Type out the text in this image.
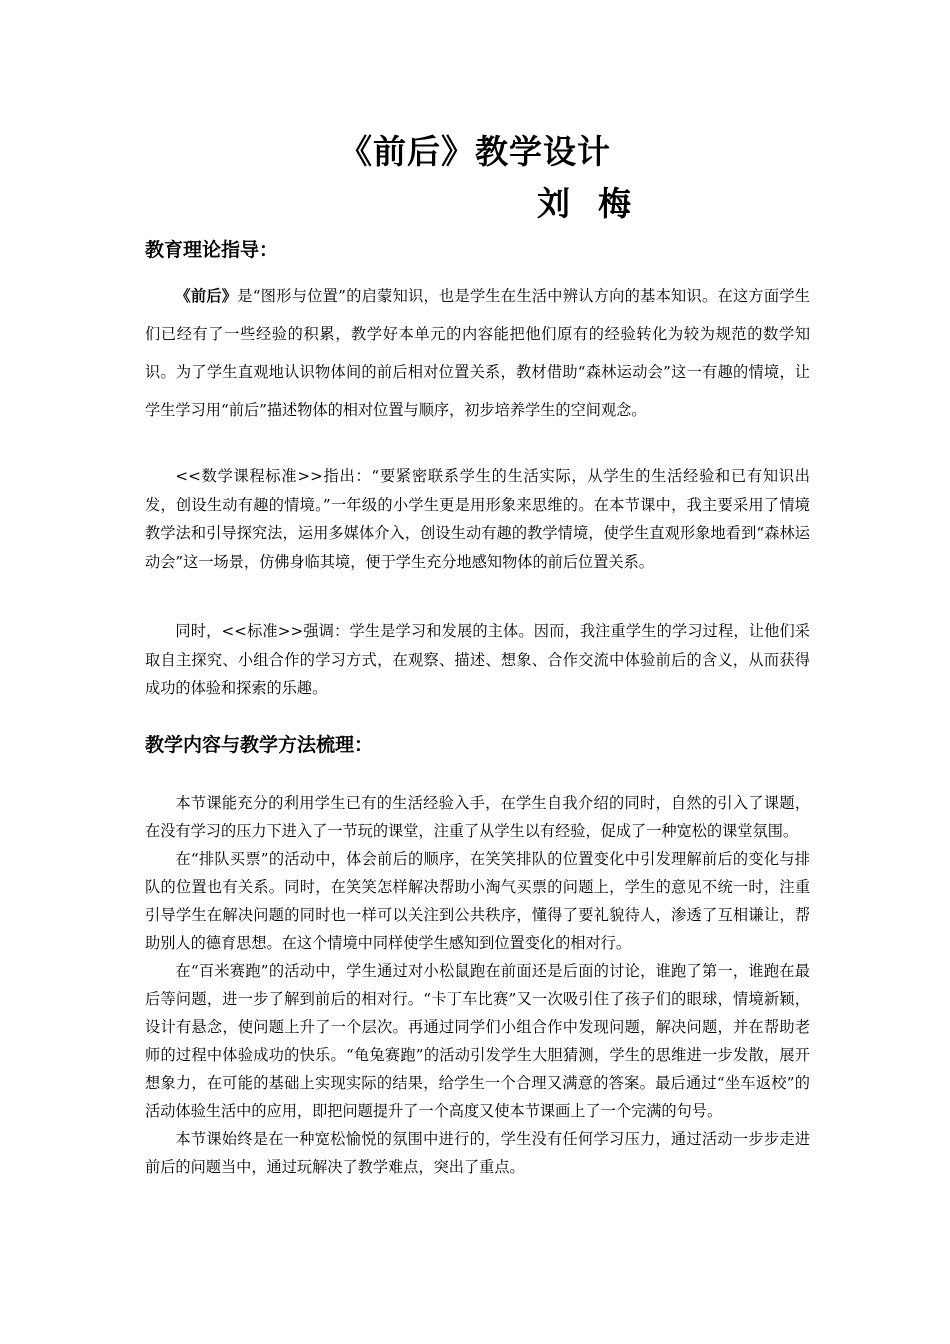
《前后》教学设计
刘梅
教育理论指导：

《前后》是“图形与位置”的启蒙知识，也是学生在生活中辨认方向的基本知识。在这方面学生们已经有了一些经验的积累，教学好本单元的内容能把他们原有的经验转化为较为规范的数学知识。为了学生直观地认识物体间的前后相对位置关系，教材借助“森林运动会”这一有趣的情境，让学生学习用“前后”描述物体的相对位置与顺序，初步培养学生的空间观念。

<<数学课程标准>>指出：“要紧密联系学生的生活实际，从学生的生活经验和已有知识出发，创设生动有趣的情境。”一年级的小学生更是用形象来思维的。在本节课中，我主要采用了情境教学法和引导探究法，运用多媒体介入，创设生动有趣的教学情境，使学生直观形象地看到“森林运动会”这一场景，仿佛身临其境，便于学生充分地感知物体的前后位置关系。

同时，<<标准>>强调：学生是学习和发展的主体。因而，我注重学生的学习过程，让他们采取自主探究、小组合作的学习方式，在观察、描述、想象、合作交流中体验前后的含义，从而获得成功的体验和探索的乐趣。

教学内容与教学方法梳理：

本节课能充分的利用学生已有的生活经验入手，在学生自我介绍的同时，自然的引入了课题，在没有学习的压力下进入了一节玩的课堂，注重了从学生以有经验，促成了一种宽松的课堂氛围。

在“排队买票”的活动中，体会前后的顺序，在笑笑排队的位置变化中引发理解前后的变化与排队的位置也有关系。同时，在笑笑怎样解决帮助小淘气买票的问题上，学生的意见不统一时，注重引导学生在解决问题的同时也一样可以关注到公共秩序，懂得了要礼貌待人，渗透了互相谦让，帮助别人的德育思想。在这个情境中同样使学生感知到位置变化的相对行。

在“百米赛跑”的活动中，学生通过对小松鼠跑在前面还是后面的讨论，谁跑了第一，谁跑在最后等问题，进一步了解到前后的相对行。“卡丁车比赛”又一次吸引住了孩子们的眼球，情境新颖，设计有悬念，使问题上升了一个层次。再通过同学们小组合作中发现问题，解决问题，并在帮助老师的过程中体验成功的快乐。“龟兔赛跑”的活动引发学生大胆猜测，学生的思维进一步发散，展开想象力，在可能的基础上实现实际的结果，给学生一个合理又满意的答案。最后通过“坐车返校”的活动体验生活中的应用，即把问题提升了一个高度又使本节课画上了一个完满的句号。

本节课始终是在一种宽松愉悦的氛围中进行的，学生没有任何学习压力，通过活动一步步走进前后的问题当中，通过玩解决了教学难点，突出了重点。
